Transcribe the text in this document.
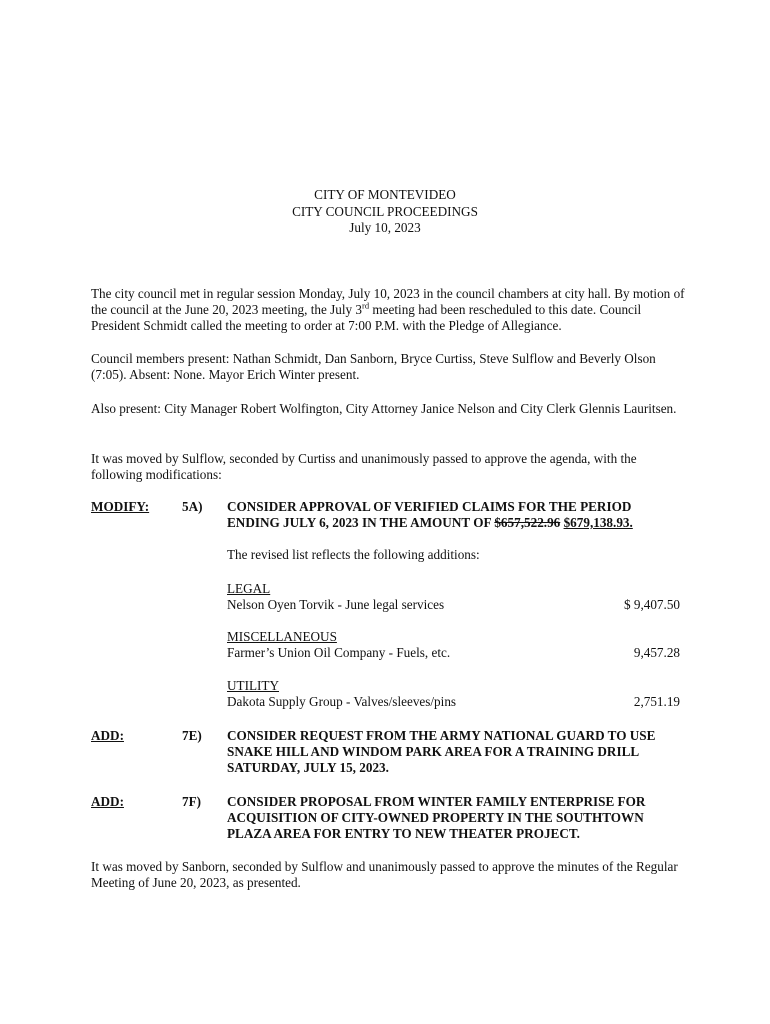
CITY OF MONTEVIDEO
CITY COUNCIL PROCEEDINGS
July 10, 2023

The city council met in regular session Monday, July 10, 2023 in the council chambers at city hall. By motion of the council at the June 20, 2023 meeting, the July 3rd meeting had been rescheduled to this date. Council President Schmidt called the meeting to order at 7:00 P.M. with the Pledge of Allegiance.

Council members present: Nathan Schmidt, Dan Sanborn, Bryce Curtiss, Steve Sulflow and Beverly Olson (7:05). Absent: None. Mayor Erich Winter present.

Also present: City Manager Robert Wolfington, City Attorney Janice Nelson and City Clerk Glennis Lauritsen.

It was moved by Sulflow, seconded by Curtiss and unanimously passed to approve the agenda, with the following modifications:

MODIFY: 5A) CONSIDER APPROVAL OF VERIFIED CLAIMS FOR THE PERIOD ENDING JULY 6, 2023 IN THE AMOUNT OF $657,522.96 $679,138.93.
The revised list reflects the following additions:
LEGAL
Nelson Oyen Torvik - June legal services	$ 9,407.50
MISCELLANEOUS
Farmer’s Union Oil Company - Fuels, etc.	9,457.28
UTILITY
Dakota Supply Group - Valves/sleeves/pins	2,751.19
ADD:	7E) CONSIDER REQUEST FROM THE ARMY NATIONAL GUARD TO USE SNAKE HILL AND WINDOM PARK AREA FOR A TRAINING DRILL SATURDAY, JULY 15, 2023.
ADD:	7F) CONSIDER PROPOSAL FROM WINTER FAMILY ENTERPRISE FOR ACQUISITION OF CITY-OWNED PROPERTY IN THE SOUTHTOWN PLAZA AREA FOR ENTRY TO NEW THEATER PROJECT.

It was moved by Sanborn, seconded by Sulflow and unanimously passed to approve the minutes of the Regular Meeting of June 20, 2023, as presented.
